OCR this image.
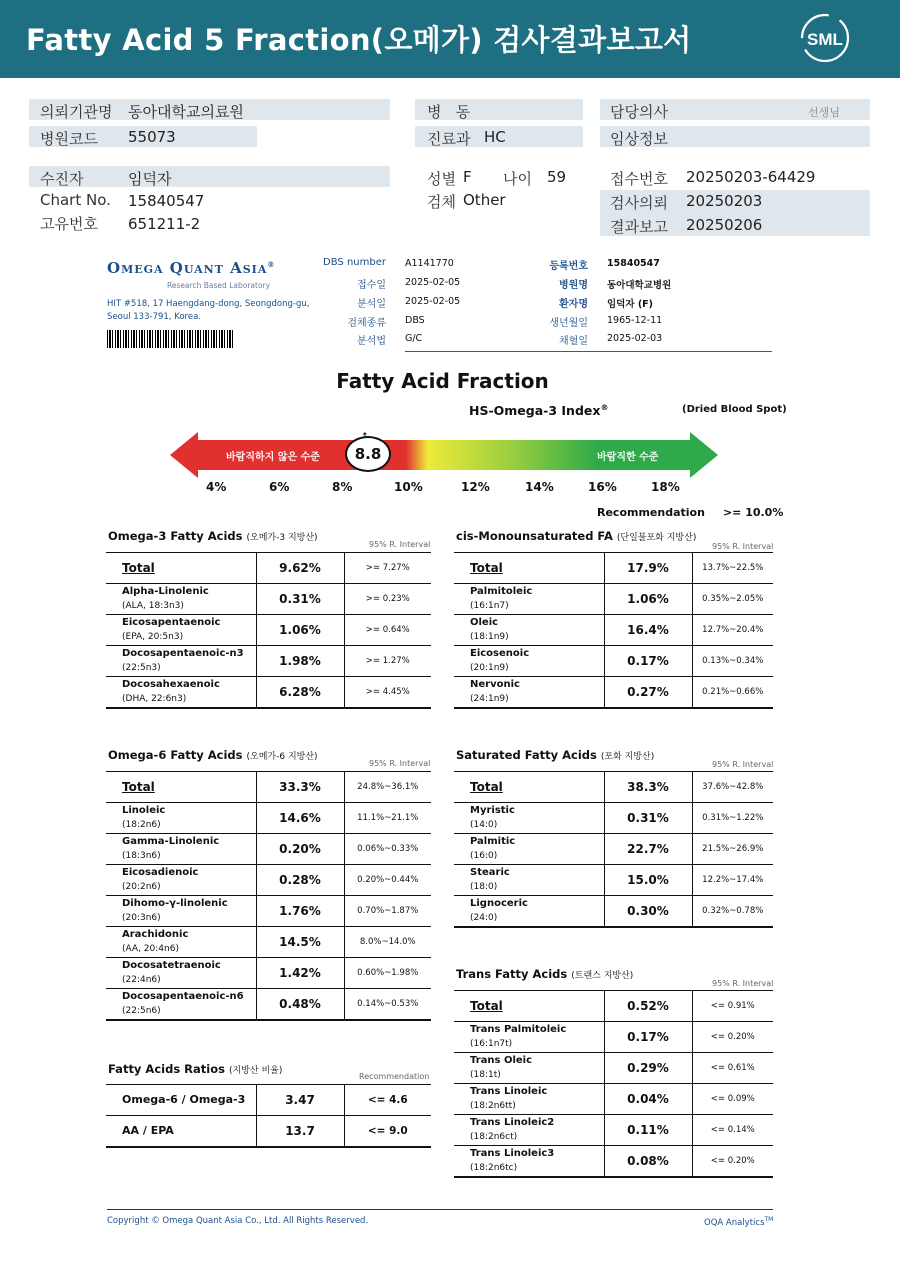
Fatty Acid 5 Fraction(오메가) 검사결과보고서	SML
의뢰기관명 동아대학교의료원
병원코드 55073
병   동
진료과 HC
담당의사	선생님
임상정보
수진자	임덕자
Chart No. 15840547
고유번호 651211-2
성별 F 나이 59
검체 Other
접수번호 20250203-64429
검사의뢰 20250203
결과보고 20250206
Omega Quant Asia®
Research Based Laboratory
HIT #518, 17 Haengdang-dong, Seongdong-gu,
Seoul 133-791, Korea.
DBS number A1141770
접수일 2025-02-05
분석일 2025-02-05
검체종류 DBS
분석법 G/C
등록번호 15840547
병원명 동아대학교병원
환자명 임덕자 (F)
생년월일 1965-12-11
채혈일 2025-02-03
Fatty Acid Fraction
HS-Omega-3 Index®	(Dried Blood Spot)
바람직하지 않은 수준	바람직한 수준
8.8
4%	6%	8%	10%	12%	14%	16%	18%
Recommendation >= 10.0%
Omega-3 Fatty Acids (오메가-3 지방산)
95% R. Interval
cis-Monounsaturated FA (단일불포화 지방산)
95% R. Interval
Omega-6 Fatty Acids (오메가-6 지방산)
95% R. Interval
Saturated Fatty Acids (포화 지방산)
95% R. Interval
Trans Fatty Acids (트랜스 지방산)
95% R. Interval
Fatty Acids Ratios (지방산 비율)
Recommendation
Total	9.62%	>= 7.27%

Alpha-Linolenic
(ALA, 18:3n3)	0.31%	>= 0.23%

Eicosapentaenoic
(EPA, 20:5n3)	1.06%	>= 0.64%

Docosapentaenoic-n3
(22:5n3)	1.98%	>= 1.27%

Docosahexaenoic
(DHA, 22:6n3)	6.28%	>= 4.45%
Total	17.9%	13.7%~22.5%

Palmitoleic
(16:1n7)	1.06%	0.35%~2.05%

Oleic
(18:1n9)	16.4%	12.7%~20.4%

Eicosenoic
(20:1n9)	0.17%	0.13%~0.34%

Nervonic
(24:1n9)	0.27%	0.21%~0.66%
Total	33.3%	24.8%~36.1%

Linoleic
(18:2n6)	14.6%	11.1%~21.1%

Gamma-Linolenic
(18:3n6)	0.20%	0.06%~0.33%

Eicosadienoic
(20:2n6)	0.28%	0.20%~0.44%

Dihomo-γ-linolenic
(20:3n6)	1.76%	0.70%~1.87%

Arachidonic
(AA, 20:4n6)	14.5%	8.0%~14.0%

Docosatetraenoic
(22:4n6)	1.42%	0.60%~1.98%

Docosapentaenoic-n6
(22:5n6)	0.48%	0.14%~0.53%
Total	38.3%	37.6%~42.8%

Myristic
(14:0)	0.31%	0.31%~1.22%

Palmitic
(16:0)	22.7%	21.5%~26.9%

Stearic
(18:0)	15.0%	12.2%~17.4%

Lignoceric
(24:0)	0.30%	0.32%~0.78%
Total	0.52%	<= 0.91%

Trans Palmitoleic
(16:1n7t)	0.17%	<= 0.20%

Trans Oleic
(18:1t)	0.29%	<= 0.61%

Trans Linoleic
(18:2n6tt)	0.04%	<= 0.09%

Trans Linoleic2
(18:2n6ct)	0.11%	<= 0.14%

Trans Linoleic3
(18:2n6tc)	0.08%	<= 0.20%
Omega-6 / Omega-3	3.47	<= 4.6

AA / EPA	13.7	<= 9.0
Copyright © Omega Quant Asia Co., Ltd. All Rights Reserved.	OQA Analytics™
